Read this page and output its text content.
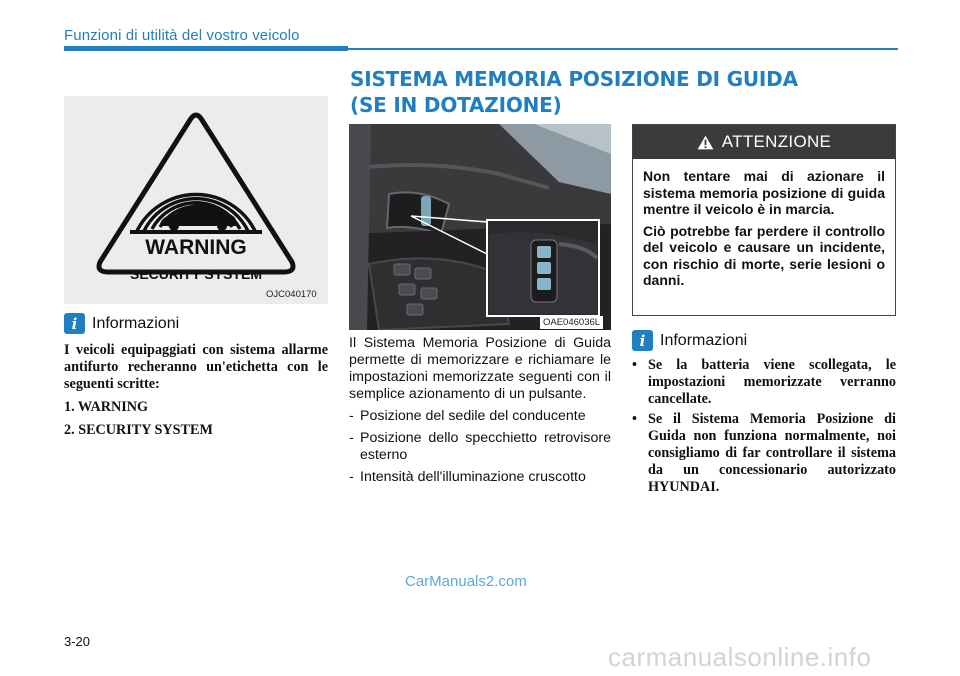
Funzioni di utilità del vostro veicolo
SISTEMA MEMORIA POSIZIONE DI GUIDA
(SE IN DOTAZIONE)
WARNING
SECURITY SYSTEM
OJC040170
i Informazioni

I veicoli equipaggiati con sistema allarme antifurto recheranno un'etichetta con le seguenti scritte:

1. WARNING

2. SECURITY SYSTEM

OAE046036L

Il Sistema Memoria Posizione di Guida permette di memorizzare e richiamare le impostazioni memorizzate seguenti con il semplice azionamento di un pulsante.

- Posizione del sedile del conducente

- Posizione dello specchietto retrovisore esterno

- Intensità dell'illuminazione cruscotto

ATTENZIONE

Non tentare mai di azionare il sistema memoria posizione di guida mentre il veicolo è in marcia.

Ciò potrebbe far perdere il controllo del veicolo e causare un incidente, con rischio di morte, serie lesioni o danni.

i Informazioni
• Se la batteria viene scollegata, le impostazioni memorizzate verranno cancellate.
• Se il Sistema Memoria Posizione di Guida non funziona normalmente, noi consigliamo di far controllare il sistema da un concessionario autorizzato HYUNDAI.
CarManuals2.com
3-20
carmanualsonline.info
